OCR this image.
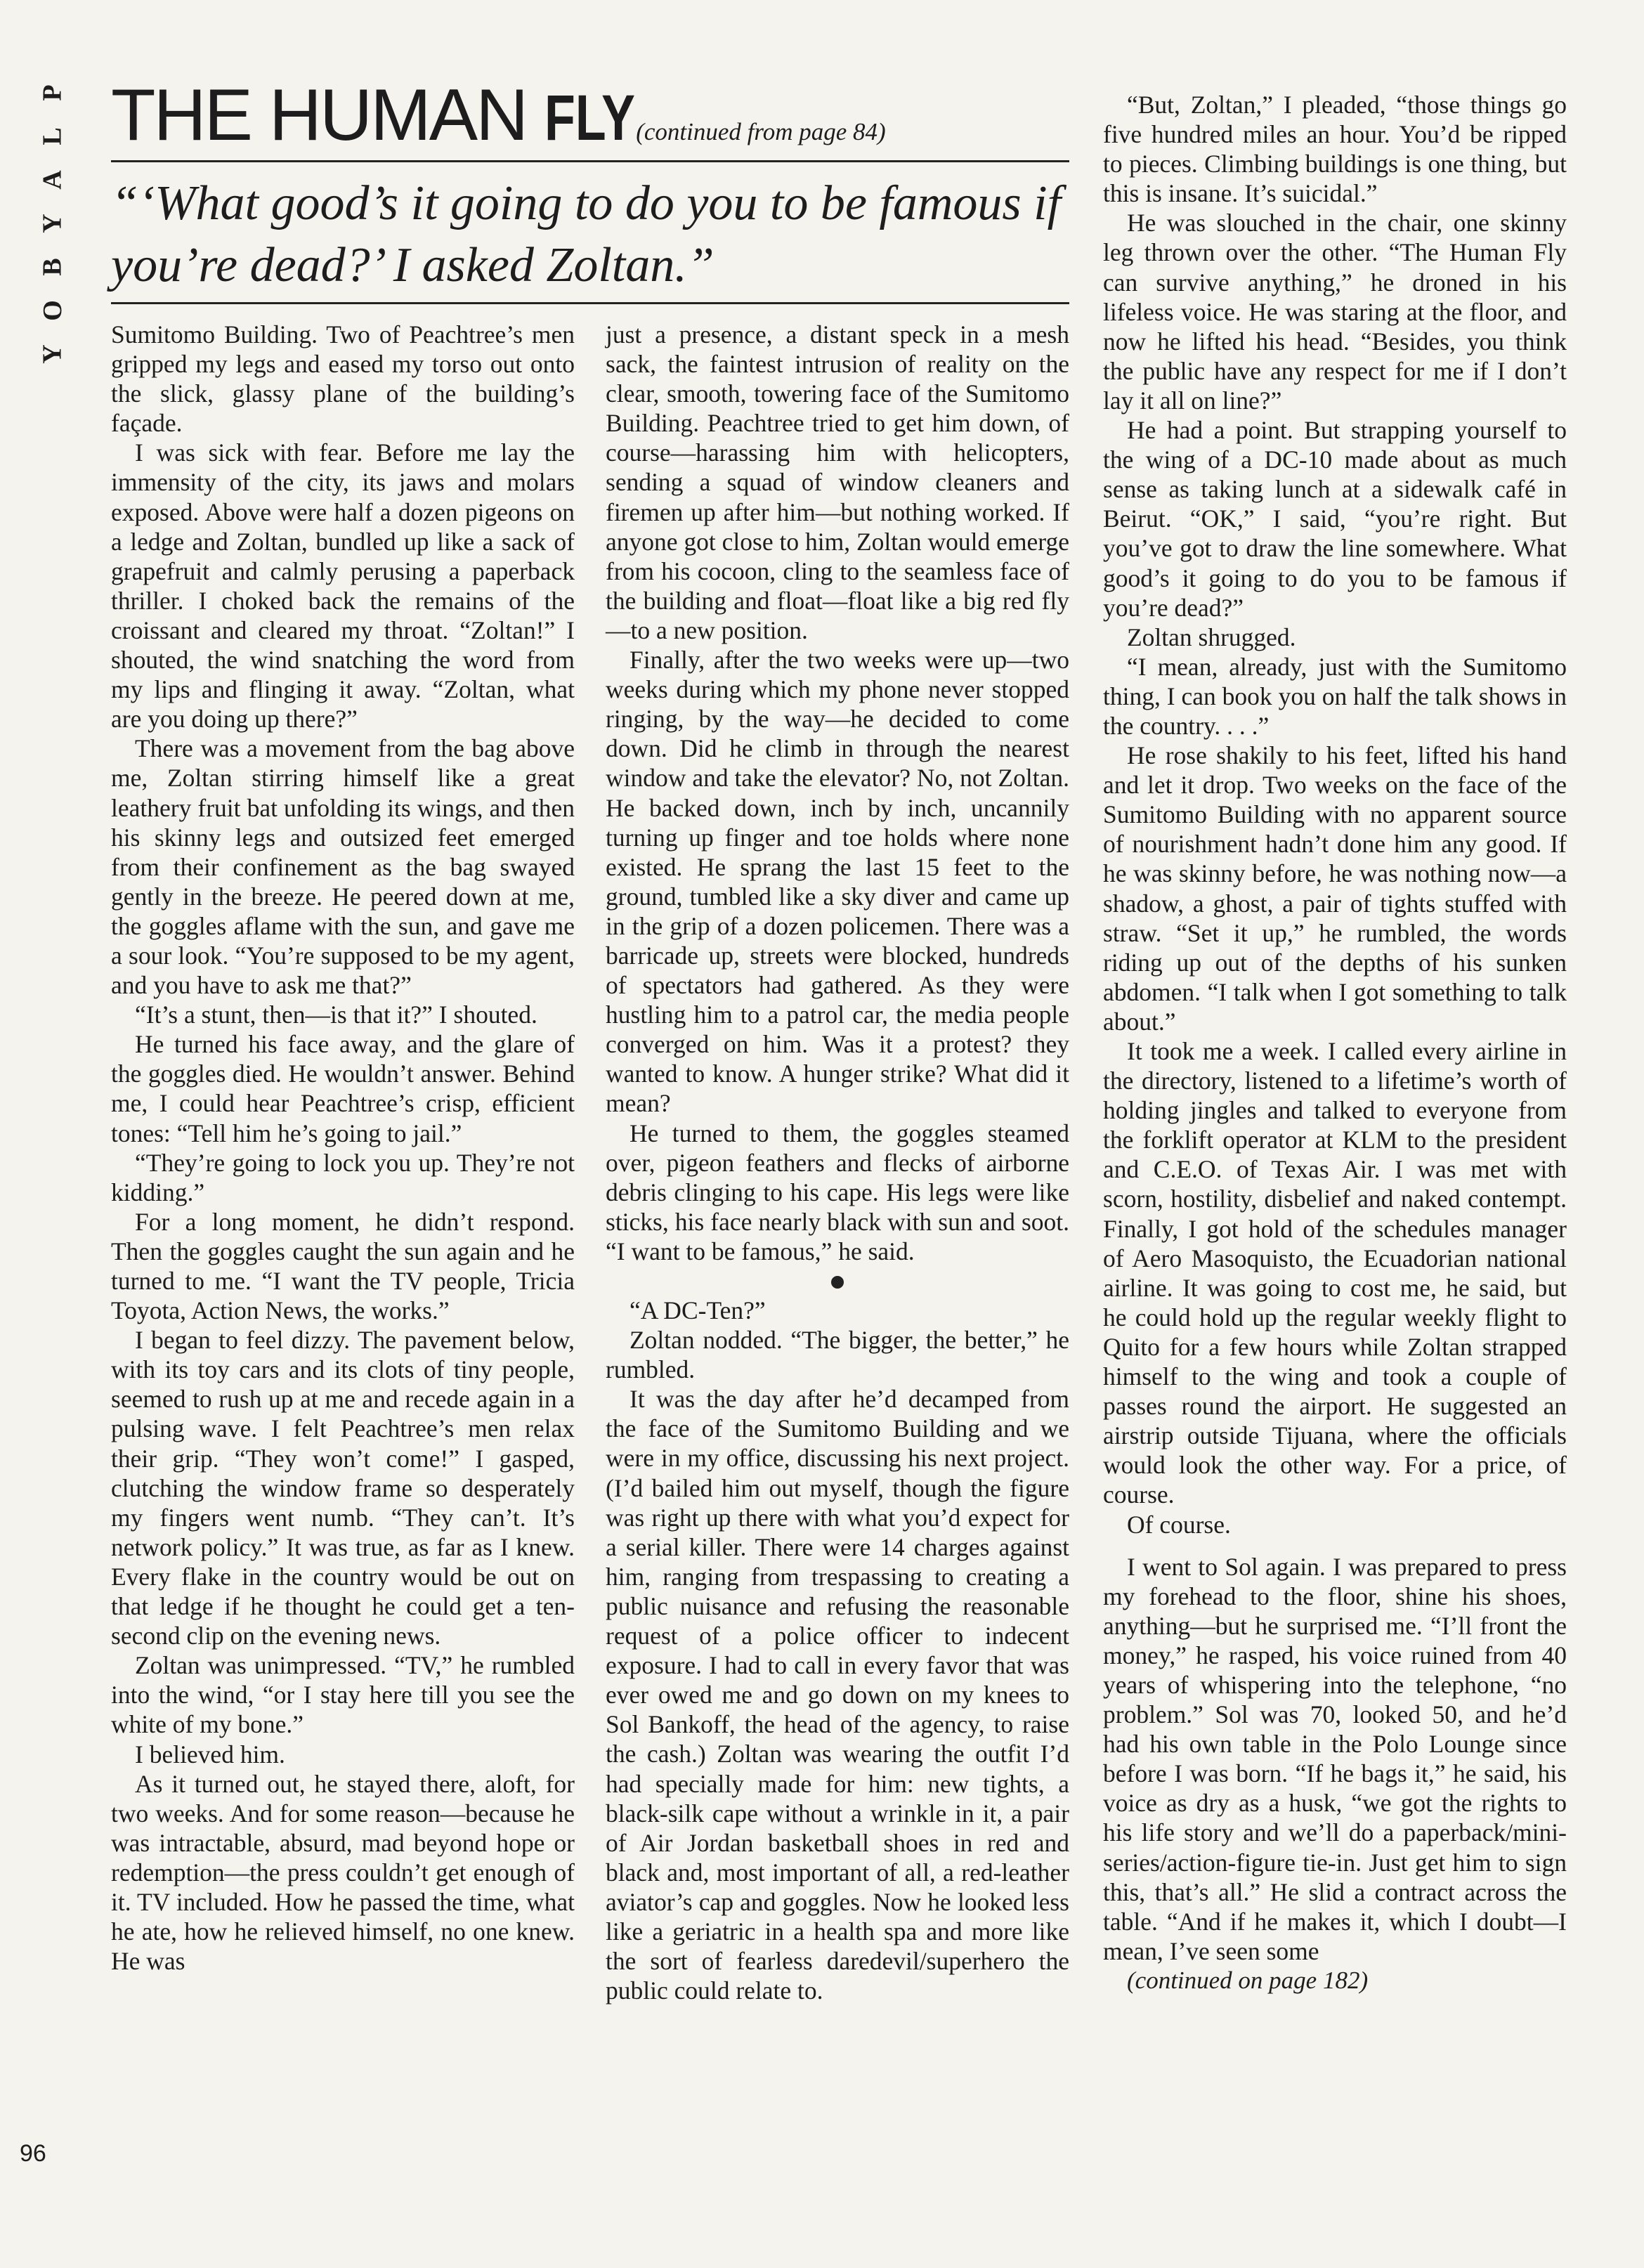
P
L
A
Y
B
O
Y
THE HUMAN FLY (continued from page 84)

“‘What good’s it going to do you to be famous if you’re dead?’ I asked Zoltan.”

Sumitomo Building. Two of Peachtree’s men gripped my legs and eased my torso out onto the slick, glassy plane of the building’s façade.

I was sick with fear. Before me lay the immensity of the city, its jaws and molars exposed. Above were half a dozen pigeons on a ledge and Zoltan, bundled up like a sack of grapefruit and calmly perusing a paperback thriller. I choked back the remains of the croissant and cleared my throat. “Zoltan!” I shouted, the wind snatching the word from my lips and flinging it away. “Zoltan, what are you doing up there?”

There was a movement from the bag above me, Zoltan stirring himself like a great leathery fruit bat unfolding its wings, and then his skinny legs and outsized feet emerged from their confinement as the bag swayed gently in the breeze. He peered down at me, the goggles aflame with the sun, and gave me a sour look. “You’re supposed to be my agent, and you have to ask me that?”

“It’s a stunt, then—is that it?” I shouted.

He turned his face away, and the glare of the goggles died. He wouldn’t answer. Behind me, I could hear Peachtree’s crisp, efficient tones: “Tell him he’s going to jail.”

“They’re going to lock you up. They’re not kidding.”

For a long moment, he didn’t respond. Then the goggles caught the sun again and he turned to me. “I want the TV people, Tricia Toyota, Action News, the works.”

I began to feel dizzy. The pavement below, with its toy cars and its clots of tiny people, seemed to rush up at me and recede again in a pulsing wave. I felt Peachtree’s men relax their grip. “They won’t come!” I gasped, clutching the window frame so desperately my fingers went numb. “They can’t. It’s network policy.” It was true, as far as I knew. Every flake in the country would be out on that ledge if he thought he could get a ten-second clip on the evening news.

Zoltan was unimpressed. “TV,” he rumbled into the wind, “or I stay here till you see the white of my bone.”

I believed him.

As it turned out, he stayed there, aloft, for two weeks. And for some reason—because he was intractable, absurd, mad beyond hope or redemption—the press couldn’t get enough of it. TV included. How he passed the time, what he ate, how he relieved himself, no one knew. He was

just a presence, a distant speck in a mesh sack, the faintest intrusion of reality on the clear, smooth, towering face of the Sumitomo Building. Peachtree tried to get him down, of course—harassing him with helicopters, sending a squad of window cleaners and firemen up after him—but nothing worked. If anyone got close to him, Zoltan would emerge from his cocoon, cling to the seamless face of the building and float—float like a big red fly—to a new position.

Finally, after the two weeks were up—two weeks during which my phone never stopped ringing, by the way—he decided to come down. Did he climb in through the nearest window and take the elevator? No, not Zoltan. He backed down, inch by inch, uncannily turning up finger and toe holds where none existed. He sprang the last 15 feet to the ground, tumbled like a sky diver and came up in the grip of a dozen policemen. There was a barricade up, streets were blocked, hundreds of spectators had gathered. As they were hustling him to a patrol car, the media people converged on him. Was it a protest? they wanted to know. A hunger strike? What did it mean?

He turned to them, the goggles steamed over, pigeon feathers and flecks of airborne debris clinging to his cape. His legs were like sticks, his face nearly black with sun and soot. “I want to be famous,” he said.

“A DC-Ten?”

Zoltan nodded. “The bigger, the better,” he rumbled.

It was the day after he’d decamped from the face of the Sumitomo Building and we were in my office, discussing his next project. (I’d bailed him out myself, though the figure was right up there with what you’d expect for a serial killer. There were 14 charges against him, ranging from trespassing to creating a public nuisance and refusing the reasonable request of a police officer to indecent exposure. I had to call in every favor that was ever owed me and go down on my knees to Sol Bankoff, the head of the agency, to raise the cash.) Zoltan was wearing the outfit I’d had specially made for him: new tights, a black-silk cape without a wrinkle in it, a pair of Air Jordan basketball shoes in red and black and, most important of all, a red-leather aviator’s cap and goggles. Now he looked less like a geriatric in a health spa and more like the sort of fearless daredevil/superhero the public could relate to.

“But, Zoltan,” I pleaded, “those things go five hundred miles an hour. You’d be ripped to pieces. Climbing buildings is one thing, but this is insane. It’s suicidal.”

He was slouched in the chair, one skinny leg thrown over the other. “The Human Fly can survive anything,” he droned in his lifeless voice. He was staring at the floor, and now he lifted his head. “Besides, you think the public have any respect for me if I don’t lay it all on line?”

He had a point. But strapping yourself to the wing of a DC-10 made about as much sense as taking lunch at a sidewalk café in Beirut. “OK,” I said, “you’re right. But you’ve got to draw the line somewhere. What good’s it going to do you to be famous if you’re dead?”

Zoltan shrugged.

“I mean, already, just with the Sumitomo thing, I can book you on half the talk shows in the country. . . .”

He rose shakily to his feet, lifted his hand and let it drop. Two weeks on the face of the Sumitomo Building with no apparent source of nourishment hadn’t done him any good. If he was skinny before, he was nothing now—a shadow, a ghost, a pair of tights stuffed with straw. “Set it up,” he rumbled, the words riding up out of the depths of his sunken abdomen. “I talk when I got something to talk about.”

It took me a week. I called every airline in the directory, listened to a lifetime’s worth of holding jingles and talked to everyone from the forklift operator at KLM to the president and C.E.O. of Texas Air. I was met with scorn, hostility, disbelief and naked contempt. Finally, I got hold of the schedules manager of Aero Masoquisto, the Ecuadorian national airline. It was going to cost me, he said, but he could hold up the regular weekly flight to Quito for a few hours while Zoltan strapped himself to the wing and took a couple of passes round the airport. He suggested an airstrip outside Tijuana, where the officials would look the other way. For a price, of course.

Of course.

I went to Sol again. I was prepared to press my forehead to the floor, shine his shoes, anything—but he surprised me. “I’ll front the money,” he rasped, his voice ruined from 40 years of whispering into the telephone, “no problem.” Sol was 70, looked 50, and he’d had his own table in the Polo Lounge since before I was born. “If he bags it,” he said, his voice as dry as a husk, “we got the rights to his life story and we’ll do a paperback/mini-series/action-figure tie-in. Just get him to sign this, that’s all.” He slid a contract across the table. “And if he makes it, which I doubt—I mean, I’ve seen some

(continued on page 182)

96
